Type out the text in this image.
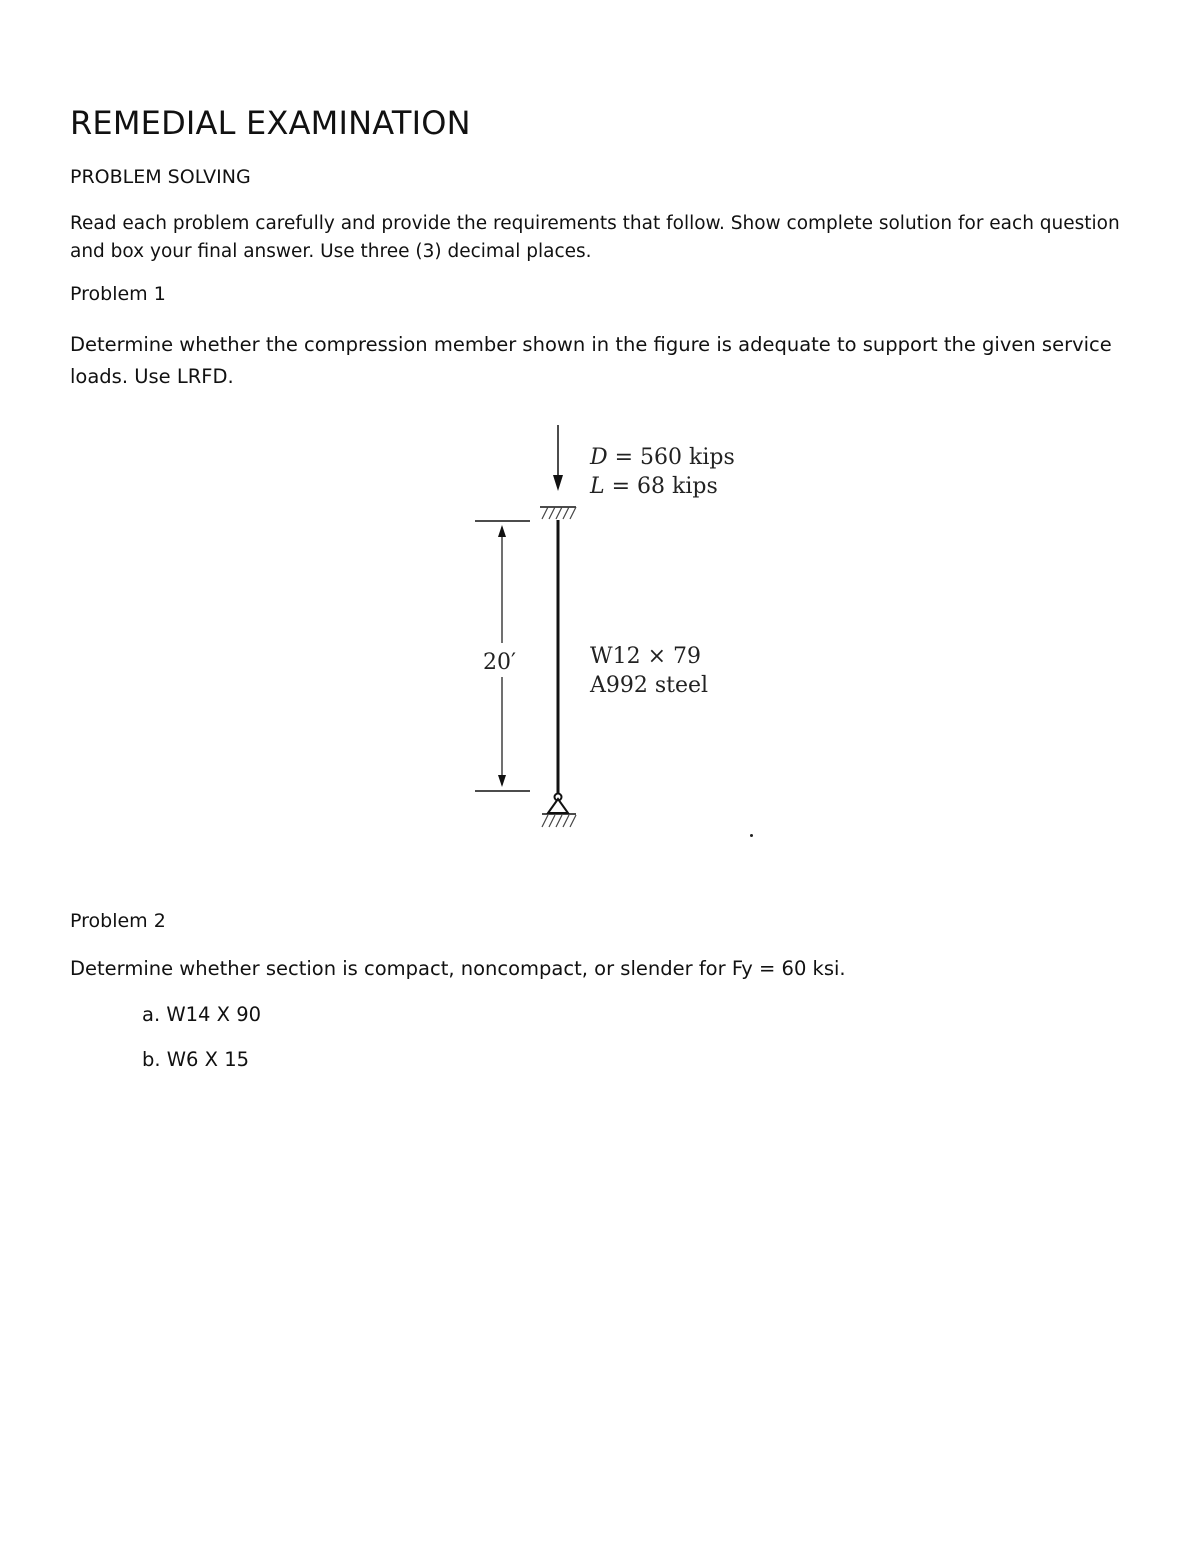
REMEDIAL EXAMINATION
PROBLEM SOLVING

Read each problem carefully and provide the requirements that follow. Show complete solution for each question and box your final answer. Use three (3) decimal places.

Problem 1

Determine whether the compression member shown in the figure is adequate to support the given service loads. Use LRFD.

20′
D = 560 kips
L = 68 kips
W12 × 79
A992 steel
Problem 2
Determine whether section is compact, noncompact, or slender for Fy = 60 ksi.
a. W14 X 90
b. W6 X 15
